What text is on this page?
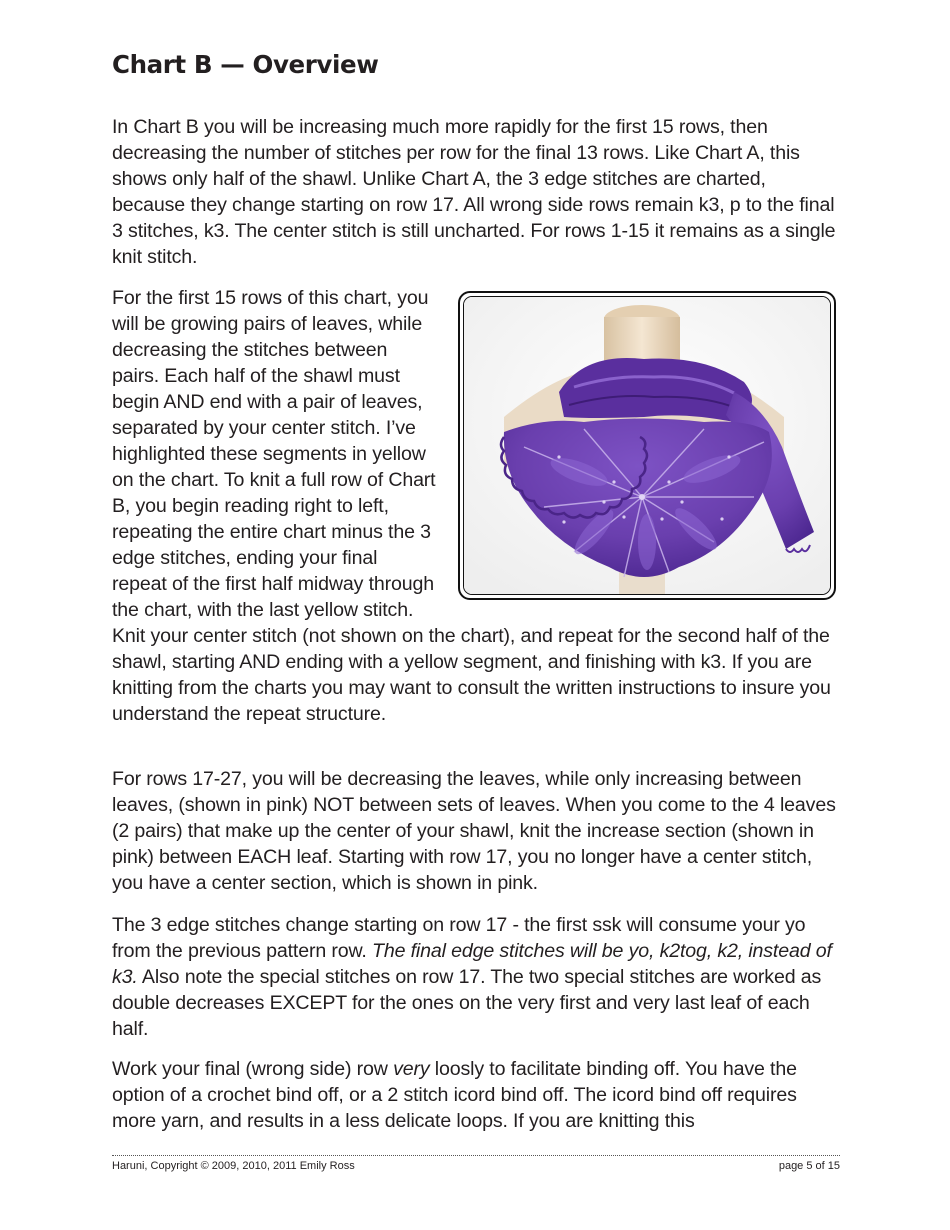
Chart B — Overview

In Chart B you will be increasing much more rapidly for the first 15 rows, then decreasing the number of stitches per row for the final 13 rows. Like Chart A, this shows only half of the shawl. Unlike Chart A, the 3 edge stitches are charted, because they change starting on row 17. All wrong side rows remain k3, p to the final 3 stitches, k3. The center stitch is still uncharted. For rows 1-15 it remains as a single knit stitch.

For the first 15 rows of this chart, you will be growing pairs of leaves, while decreasing the stitches between pairs. Each half of the shawl must begin AND end with a pair of leaves, separated by your center stitch. I’ve highlighted these segments in yellow on the chart. To knit a full row of Chart B, you begin reading right to left, repeating the entire chart minus the 3 edge stitches, ending your final repeat of the first half midway through the chart, with the last yellow stitch. Knit your center stitch (not shown on the chart), and repeat for the second half of the shawl, starting AND ending with a yellow segment, and finishing with k3. If you are knitting from the charts you may want to consult the written instructions to insure you understand the repeat structure.

For rows 17-27, you will be decreasing the leaves, while only increasing between leaves, (shown in pink) NOT between sets of leaves. When you come to the 4 leaves (2 pairs) that make up the center of your shawl, knit the increase section (shown in pink) between EACH leaf. Starting with row 17, you no longer have a center stitch, you have a center section, which is shown in pink.

The 3 edge stitches change starting on row 17 - the first ssk will consume your yo from the previous pattern row. The final edge stitches will be yo, k2tog, k2, instead of k3. Also note the special stitches on row 17. The two special stitches are worked as double decreases EXCEPT for the ones on the very first and very last leaf of each half.

Work your final (wrong side) row very loosly to facilitate binding off. You have the option of a crochet bind off, or a 2 stitch icord bind off. The icord bind off requires more yarn, and results in a less delicate loops. If you are knitting this

Haruni, Copyright © 2009, 2010, 2011 Emily Ross	page 5 of 15
